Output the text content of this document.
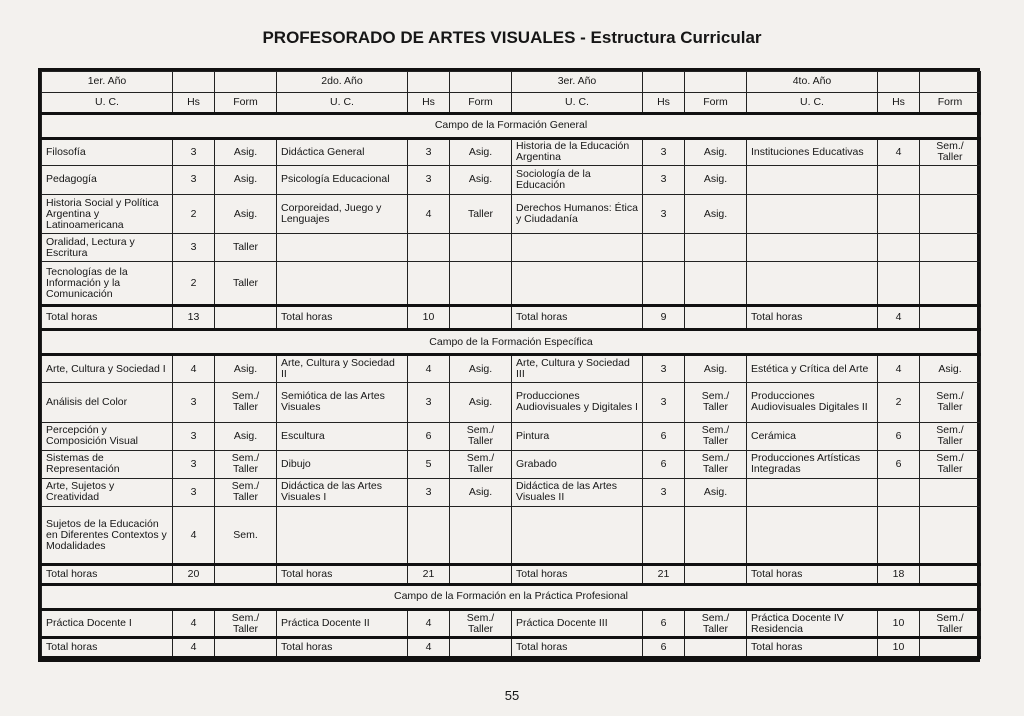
PROFESORADO DE ARTES VISUALES - Estructura Curricular
1er. Año			2do. Año			3er. Año			4to. Año		
U. C.	Hs	Form	U. C.	Hs	Form	U. C.	Hs	Form	U. C.	Hs	Form
Campo de la Formación General											
Filosofía	3	Asig.	Didáctica General	3	Asig.	Historia de la Educación Argentina	3	Asig.	Instituciones Educativas	4	Sem./ Taller
Pedagogía	3	Asig.	Psicología Educacional	3	Asig.	Sociología de la Educación	3	Asig.			
Historia Social y Política Argentina y Latinoamericana	2	Asig.	Corporeidad, Juego y Lenguajes	4	Taller	Derechos Humanos: Ética y Ciudadanía	3	Asig.			
Oralidad, Lectura y Escritura	3	Taller									
Tecnologías de la Información y la Comunicación	2	Taller									
Total horas	13		Total horas	10		Total horas	9		Total horas	4	
Campo de la Formación Específica											
Arte, Cultura y Sociedad I	4	Asig.	Arte, Cultura y Sociedad II	4	Asig.	Arte, Cultura y Sociedad III	3	Asig.	Estética y Crítica del Arte	4	Asig.
Análisis del Color	3	Sem./ Taller	Semiótica de las Artes Visuales	3	Asig.	Producciones Audiovisuales y Digitales I	3	Sem./ Taller	Producciones Audiovisuales Digitales II	2	Sem./ Taller
Percepción y Composición Visual	3	Asig.	Escultura	6	Sem./ Taller	Pintura	6	Sem./ Taller	Cerámica	6	Sem./ Taller
Sistemas de Representación	3	Sem./ Taller	Dibujo	5	Sem./ Taller	Grabado	6	Sem./ Taller	Producciones Artísticas Integradas	6	Sem./ Taller
Arte, Sujetos y Creatividad	3	Sem./ Taller	Didáctica de las Artes Visuales I	3	Asig.	Didáctica de las Artes Visuales II	3	Asig.			
Sujetos de la Educación en Diferentes Contextos y Modalidades	4	Sem.									
Total horas	20		Total horas	21		Total horas	21		Total horas	18	
Campo de la Formación en la Práctica Profesional											
Práctica Docente I	4	Sem./ Taller	Práctica Docente II	4	Sem./ Taller	Práctica Docente III	6	Sem./ Taller	Práctica Docente IV Residencia	10	Sem./ Taller
Total horas	4		Total horas	4		Total horas	6		Total horas	10	
55
